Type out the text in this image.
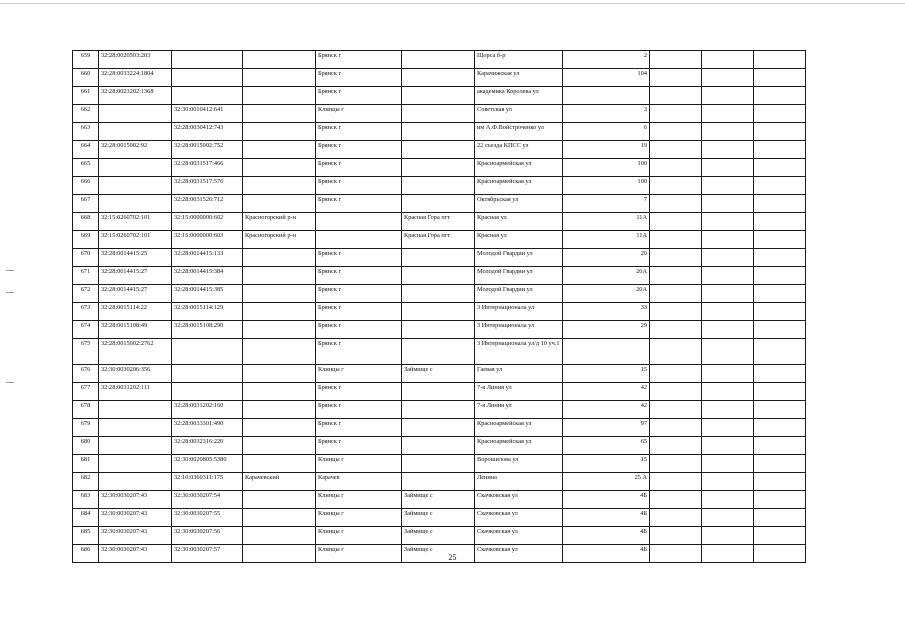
659	32:28:0020503:203			Брянск г		Щорса б-р	2			
660	32:28:0033224:1804			Брянск г		Карачижская ул	104			
661	32:28:0023202:1368			Брянск г		академика Королева ул				
662		32:30:0010412:641		Клинцы г		Советская ул	3			
663		32:28:0030412:743		Брянск г		им А.Ф.Войстроченко ул	6			
664	32:28:0015002:92	32:28:0015002:752		Брянск г		22 съезда КПСС ул	19			
665		32:28:0031517:466		Брянск г		Красноармейская ул	100			
666		32:28:0031517:576		Брянск г		Красноармейская ул	100			
667		32:28:0031526:712		Брянск г		Октябрьская ул	7			
668	32:15:0260702:101	32:15:0000000:602	Красногорский р-н		Красная Гора пгт	Красная ул	11А			
669	32:15:0260702:101	32:15:0000000:603	Красногорский р-н		Красная Гора пгт	Красная ул	11А			
670	32:28:0014415:25	32:28:0014415:133		Брянск г		Молодой Гвардии ул	20			
671	32:28:0014415:27	32:28:0014415:384		Брянск г		Молодой Гвардии ул	20А			
672	32:28:0014415:27	32:28:0014415:385		Брянск г		Молодой Гвардии ул	20А			
673	32:28:0015114:22	32:28:0015114:129		Брянск г		3 Интернационала ул	33			
674	32:28:0015108:49	32:28:0015108:290		Брянск г		3 Интернационала ул	29			
675	32:28:0015002:2762			Брянск г		3 Интернационала ул/д 10 уч.1				
676	32:30:0030206:356			Клинцы г	Займище с	Гаевая ул	15			
677	32:28:0031202:111			Брянск г		7-я Линия ул	42			
678		32:28:0031202:160		Брянск г		7-я Линия ул	42			
679		32:28:0033301:490		Брянск г		Красноармейская ул	97			
680		32:28:0032316:220		Брянск г		Красноармейская ул	65			
681		32:30:0020805:5380		Клинцы г		Ворошилова ул	15			
682		32:10:0360311:175	Карачевский	Карачев		Ленина	25 А			
683	32:30:0030207:43	32:30:0030207:54		Клинцы г	Займище с	Скачковская ул	4Б			
684	32:30:0030207:43	32:30:0030207:55		Клинцы г	Займище с	Скачковская ул	4Б			
685	32:30:0030207:43	32:30:0030207:56		Клинцы г	Займище с	Скачковская ул	4Б			
686	32:30:0030207:43	32:30:0030207:57		Клинцы г	Займище с	Скачковская ул	4Б			
25
